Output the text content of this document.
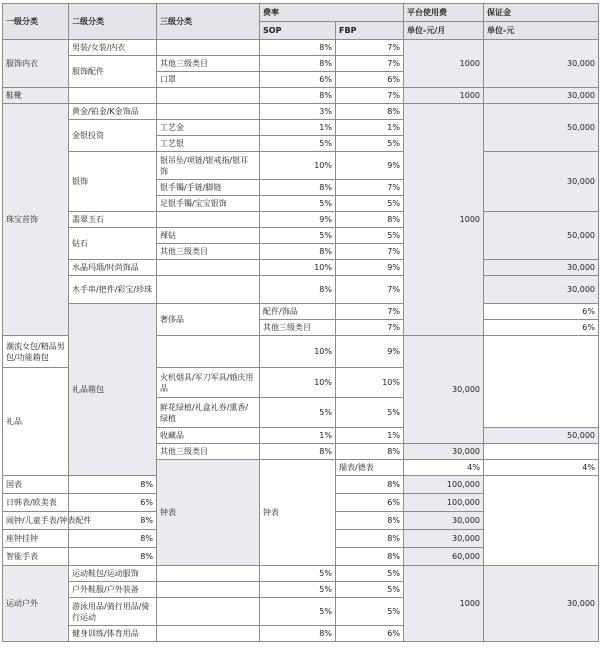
一级分类	二级分类	三级分类	费率		平台使用费	保证金	
			SOP	FBP	单位-元/月	单位-元	
服饰内衣	男装/女装/内衣		8%	7%	1000	30,000	
	服饰配件	其他三级类目	8%	7%			
		口罩	6%	6%			
鞋靴			8%	7%	1000	30,000	
珠宝首饰	黄金/铂金/K金饰品		3%	8%	1000	50,000	
	金银投资	工艺金	1%	1%			
		工艺银	5%	5%			
	银饰	银吊坠/项链/银戒指/银耳饰	10%	9%		30,000	
		银手镯/手链/脚链	8%	7%			
		足银手镯/宝宝银饰	5%	5%			
	翡翠玉石		9%	8%		50,000	
	钻石	裸钻	5%	5%			
		其他三级类目	8%	7%			
	水晶玛瑙/时尚饰品		10%	9%		30,000	
	木手串/把件/彩宝/珍珠		8%	7%		30,000	
	礼品箱包	奢侈品	配件/饰品	7%		6%		
			其他三级类目	7%		6%	
潮流女包/精品男包/功能箱包			10%	9%	30,000		
礼品		火机烟具/军刀军具/婚庆用品	10%	10%			
		鲜花绿植/礼盒礼券/熏香/绿植	5%	5%			
		收藏品	1%	1%		50,000	
		其他三级类目	8%	8%	30,000		
		钟表	钟表	瑞表/德表	4%	4%		
国表	8%			8%	100,000		
日韩表/欧美表	6%			6%	100,000		
闹钟/儿童手表/钟表配件	8%			8%	30,000		
座钟挂钟	8%			8%	30,000		
智能手表	8%			8%	60,000		
运动户外	运动鞋包/运动服饰		5%	5%	1000	30,000	
	户外鞋服/户外装备		5%	5%			
	游泳用品/骑行用品/骑行运动		5%	5%			
	健身训练/体育用品		8%	6%			
